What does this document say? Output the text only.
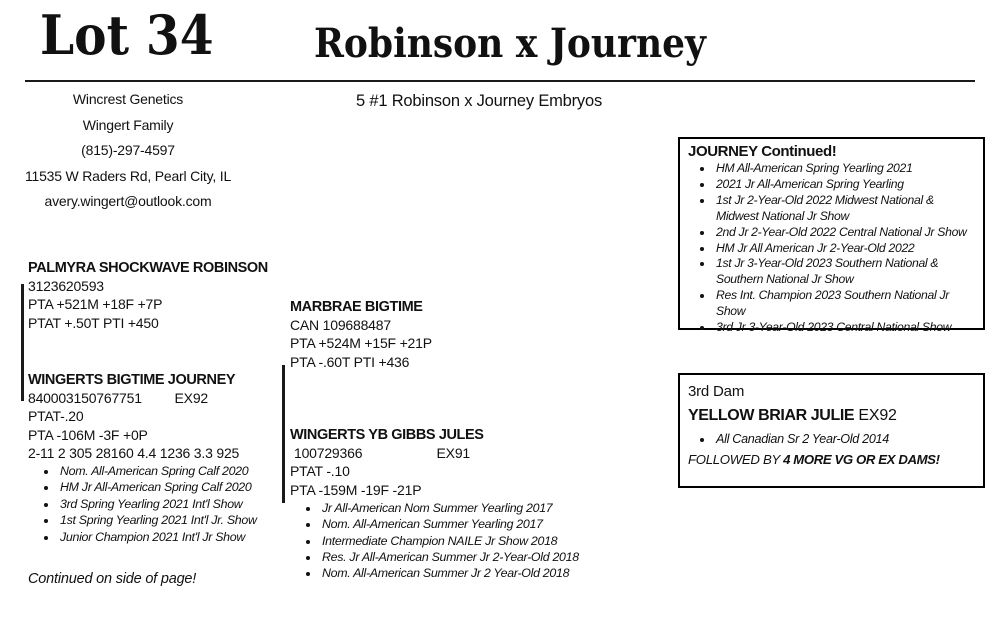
Lot 34	Robinson x Journey
Wincrest Genetics
Wingert Family
(815)-297-4597
11535 W Raders Rd, Pearl City, IL
avery.wingert@outlook.com
5 #1 Robinson x Journey Embryos
PALMYRA SHOCKWAVE ROBINSON
3123620593
PTA +521M +18F +7P
PTAT +.50T PTI +450
WINGERTS BIGTIME JOURNEY
840003150767751 EX92
PTAT-.20
PTA -106M -3F +0P
2-11 2 305 28160 4.4 1236 3.3 925
• Nom. All-American Spring Calf 2020
• HM Jr All-American Spring Calf 2020
• 3rd Spring Yearling 2021 Int'l Show
• 1st Spring Yearling 2021 Int'l Jr. Show
• Junior Champion 2021 Int'l Jr Show
Continued on side of page!
MARBRAE BIGTIME
CAN 109688487
PTA +524M +15F +21P
PTA -.60T PTI +436
WINGERTS YB GIBBS JULES
100729366	EX91
PTAT -.10
PTA -159M -19F -21P
• Jr All-American Nom Summer Yearling 2017
• Nom. All-American Summer Yearling 2017
• Intermediate Champion NAILE Jr Show 2018
• Res. Jr All-American Summer Jr 2-Year-Old 2018
• Nom. All-American Summer Jr 2 Year-Old 2018
JOURNEY Continued!
• HM All-American Spring Yearling 2021
• 2021 Jr All-American Spring Yearling
• 1st Jr 2-Year-Old 2022 Midwest National & Midwest National Jr Show
• 2nd Jr 2-Year-Old 2022 Central National Jr Show
• HM Jr All American Jr 2-Year-Old 2022
• 1st Jr 3-Year-Old 2023 Southern National & Southern National Jr Show
• Res Int. Champion 2023 Southern National Jr Show
• 3rd Jr 3-Year-Old 2023 Central National Show
3rd Dam
YELLOW BRIAR JULIE EX92
• All Canadian Sr 2 Year-Old 2014
FOLLOWED BY 4 MORE VG OR EX DAMS!
